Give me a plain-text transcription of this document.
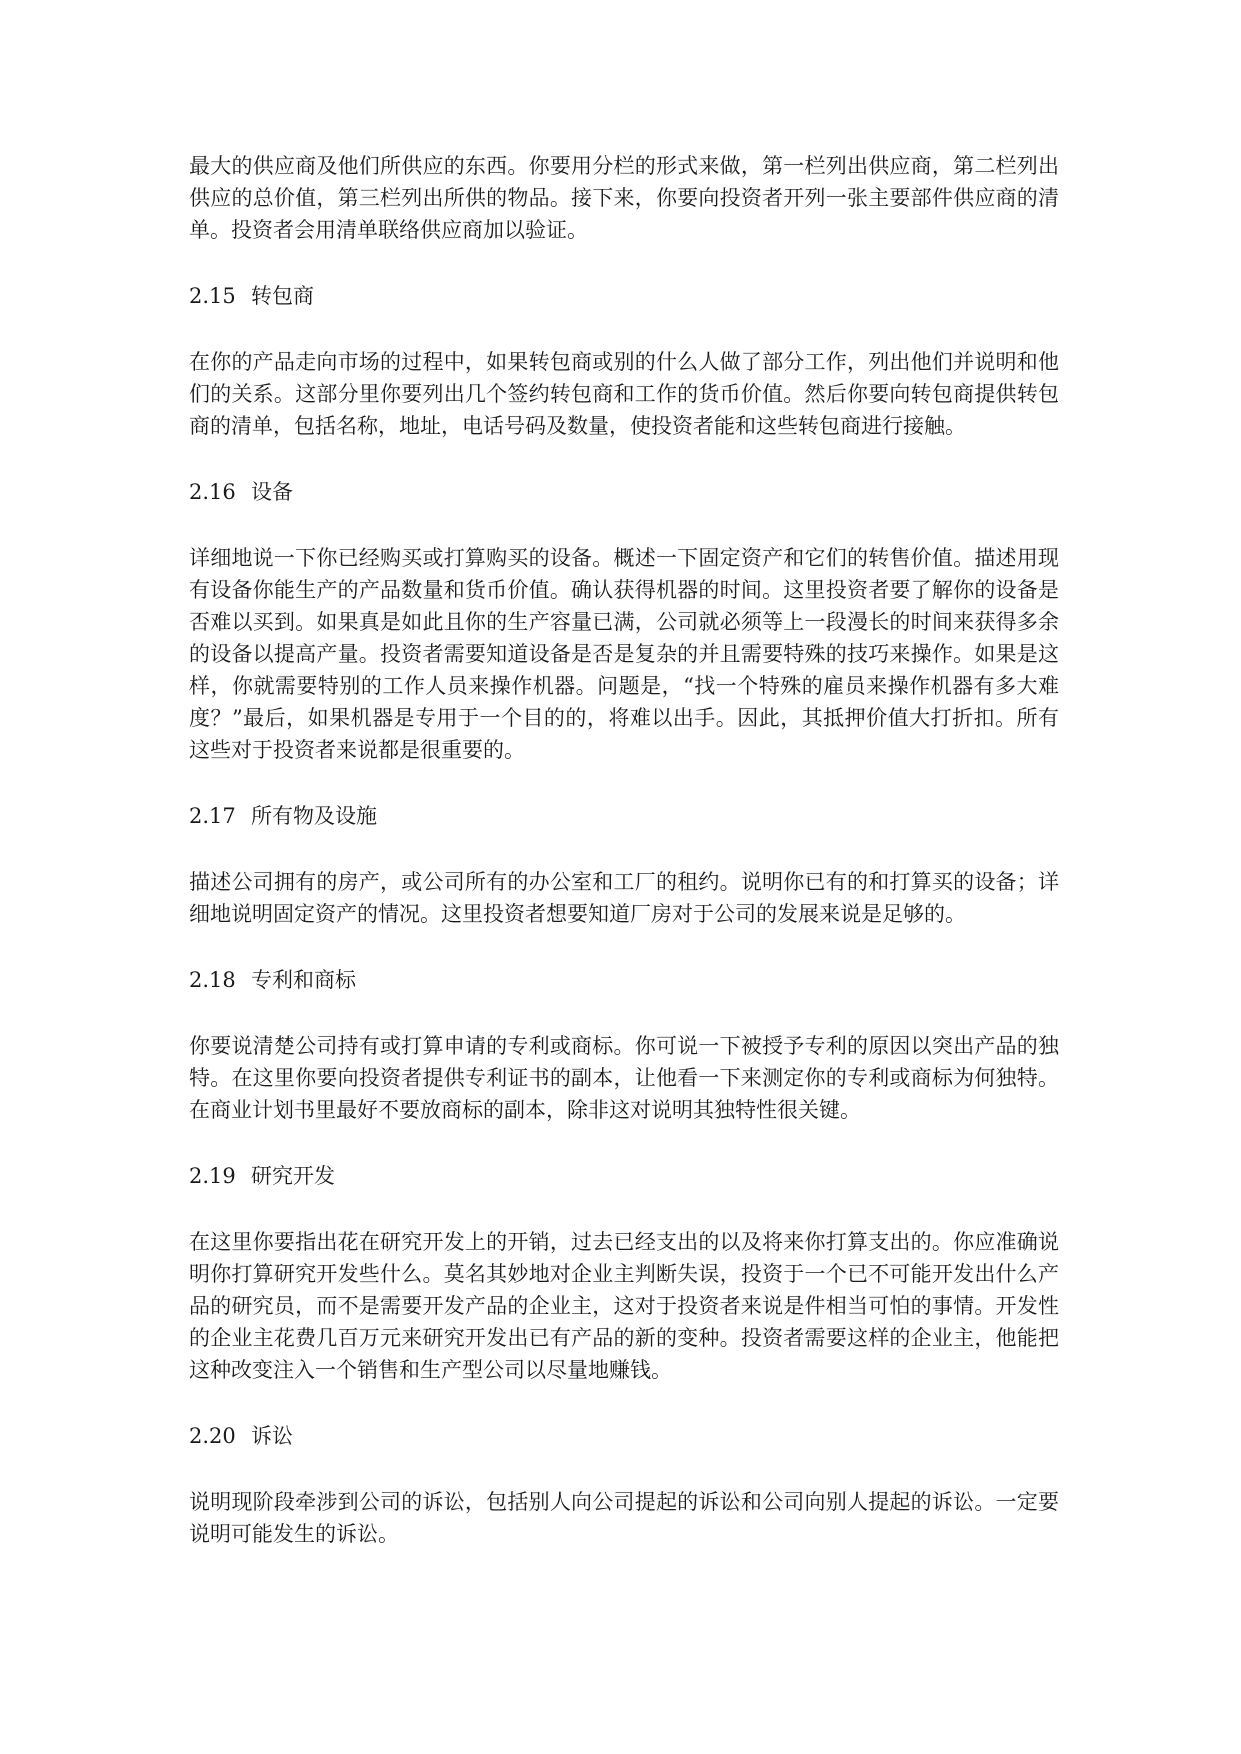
最大的供应商及他们所供应的东西。你要用分栏的形式来做，第一栏列出供应商，第二栏列出供应的总价值，第三栏列出所供的物品。接下来，你要向投资者开列一张主要部件供应商的清单。投资者会用清单联络供应商加以验证。

2.15 转包商

在你的产品走向市场的过程中，如果转包商或别的什么人做了部分工作，列出他们并说明和他们的关系。这部分里你要列出几个签约转包商和工作的货币价值。然后你要向转包商提供转包商的清单，包括名称，地址，电话号码及数量，使投资者能和这些转包商进行接触。

2.16 设备

详细地说一下你已经购买或打算购买的设备。概述一下固定资产和它们的转售价值。描述用现有设备你能生产的产品数量和货币价值。确认获得机器的时间。这里投资者要了解你的设备是否难以买到。如果真是如此且你的生产容量已满，公司就必须等上一段漫长的时间来获得多余的设备以提高产量。投资者需要知道设备是否是复杂的并且需要特殊的技巧来操作。如果是这样，你就需要特别的工作人员来操作机器。问题是，“找一个特殊的雇员来操作机器有多大难度？”最后，如果机器是专用于一个目的的，将难以出手。因此，其抵押价值大打折扣。所有这些对于投资者来说都是很重要的。

2.17 所有物及设施

描述公司拥有的房产，或公司所有的办公室和工厂的租约。说明你已有的和打算买的设备；详细地说明固定资产的情况。这里投资者想要知道厂房对于公司的发展来说是足够的。

2.18 专利和商标

你要说清楚公司持有或打算申请的专利或商标。你可说一下被授予专利的原因以突出产品的独特。在这里你要向投资者提供专利证书的副本，让他看一下来测定你的专利或商标为何独特。在商业计划书里最好不要放商标的副本，除非这对说明其独特性很关键。

2.19 研究开发

在这里你要指出花在研究开发上的开销，过去已经支出的以及将来你打算支出的。你应准确说明你打算研究开发些什么。莫名其妙地对企业主判断失误，投资于一个已不可能开发出什么产品的研究员，而不是需要开发产品的企业主，这对于投资者来说是件相当可怕的事情。开发性的企业主花费几百万元来研究开发出已有产品的新的变种。投资者需要这样的企业主，他能把这种改变注入一个销售和生产型公司以尽量地赚钱。

2.20 诉讼

说明现阶段牵涉到公司的诉讼，包括别人向公司提起的诉讼和公司向别人提起的诉讼。一定要说明可能发生的诉讼。
